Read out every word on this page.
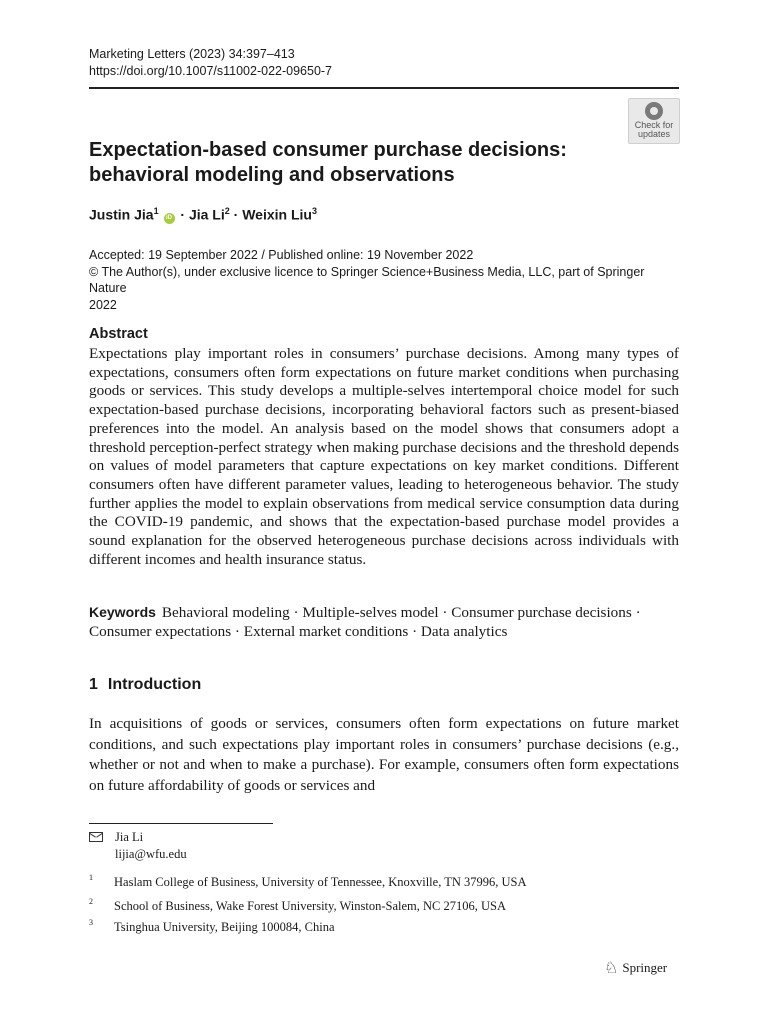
Marketing Letters (2023) 34:397–413
https://doi.org/10.1007/s11002-022-09650-7
Check for
updates
Expectation-based consumer purchase decisions:
behavioral modeling and observations
Justin Jia$^1$ iD · Jia $Li^2$ · Weixin Liu$^3$
Accepted: 19 September 2022 / Published online: 19 November 2022
© The Author(s), under exclusive licence to Springer Science+Business Media, LLC, part of Springer Nature
2022
Abstract
Expectations play important roles in consumers’ purchase decisions. Among many types of expectations, consumers often form expectations on future market conditions when purchasing goods or services. This study develops a multiple-selves intertemporal choice model for such expectation-based purchase decisions, incorporating behavioral factors such as present-biased preferences into the model. An analysis based on the model shows that consumers adopt a threshold perception-perfect strategy when making purchase decisions and the threshold depends on values of model parameters that capture expectations on key market conditions. Different consumers often have different parameter values, leading to heterogeneous behavior. The study further applies the model to explain observations from medical service consumption data during the COVID-19 pandemic, and shows that the expectation-based purchase model provides a sound explanation for the observed heterogeneous purchase decisions across individuals with different incomes and health insurance status.
Keywords Behavioral modeling · Multiple-selves model · Consumer purchase decisions · Consumer expectations · External market conditions · Data analytics
1 Introduction
In acquisitions of goods or services, consumers often form expectations on future market conditions, and such expectations play important roles in consumers’ purchase decisions (e.g., whether or not and when to make a purchase). For example, consumers often form expectations on future affordability of goods or services and
Jia Li
lijia@wfu.edu
1 Haslam College of Business, University of Tennessee, Knoxville, TN 37996, USA
2 School of Business, Wake Forest University, Winston-Salem, NC 27106, USA
3 Tsinghua University, Beijing 100084, China
♘ Springer
